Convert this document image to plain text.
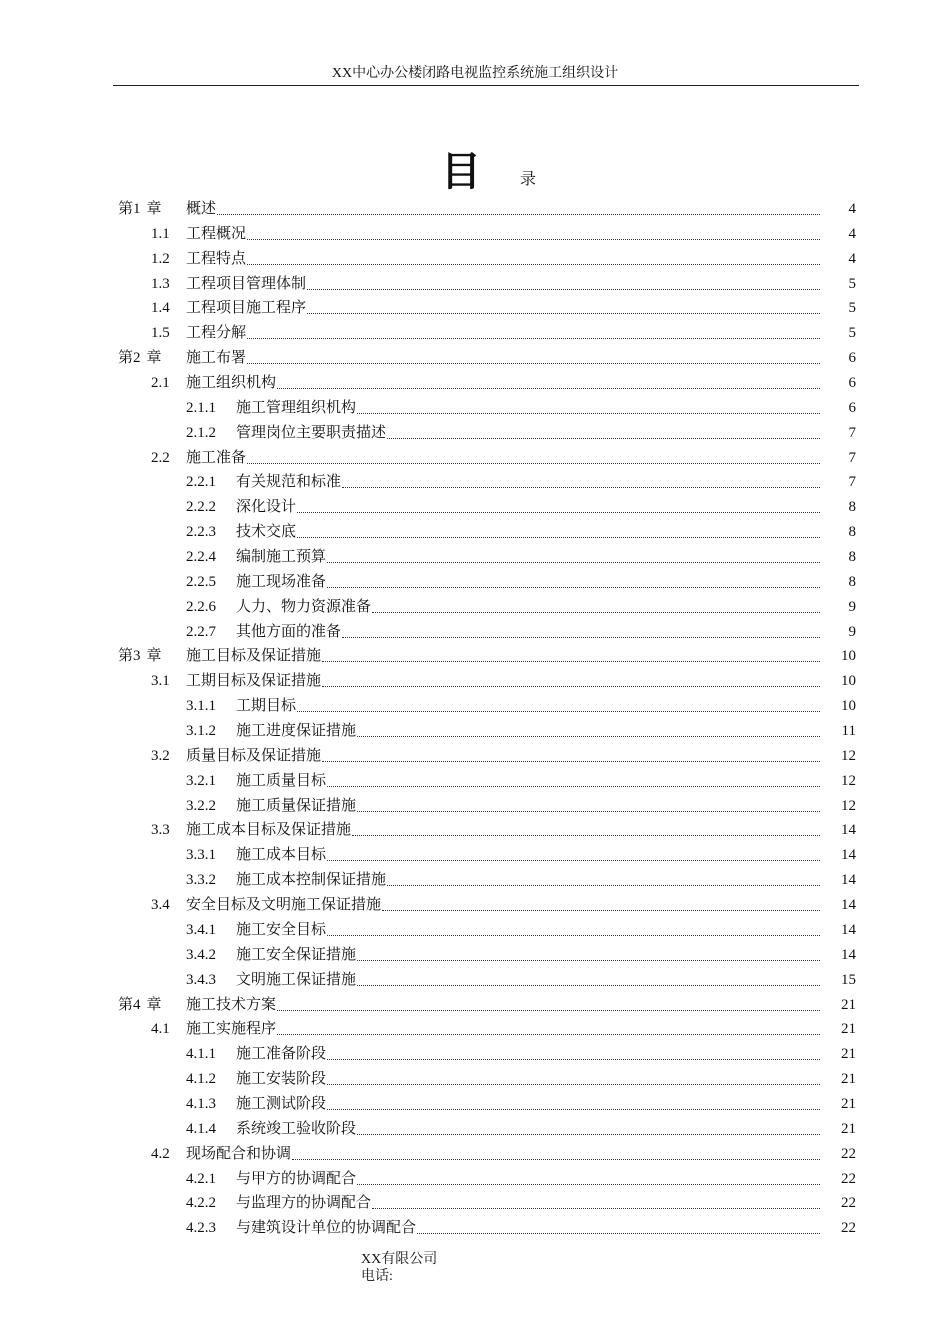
XX中心办公楼闭路电视监控系统施工组织设计
目 录
第1 章 概述	4
1.1 工程概况	4
1.2 工程特点	4
1.3 工程项目管理体制	5
1.4 工程项目施工程序	5
1.5 工程分解	5
第2 章 施工布署	6
2.1 施工组织机构	6
2.1.1 施工管理组织机构	6
2.1.2 管理岗位主要职责描述	7
2.2 施工准备	7
2.2.1 有关规范和标准	7
2.2.2 深化设计	8
2.2.3 技术交底	8
2.2.4 编制施工预算	8
2.2.5 施工现场准备	8
2.2.6 人力、物力资源准备	9
2.2.7 其他方面的准备	9
第3 章 施工目标及保证措施	10
3.1 工期目标及保证措施	10
3.1.1 工期目标	10
3.1.2 施工进度保证措施	11
3.2 质量目标及保证措施	12
3.2.1 施工质量目标	12
3.2.2 施工质量保证措施	12
3.3 施工成本目标及保证措施	14
3.3.1 施工成本目标	14
3.3.2 施工成本控制保证措施	14
3.4 安全目标及文明施工保证措施	14
3.4.1 施工安全目标	14
3.4.2 施工安全保证措施	14
3.4.3 文明施工保证措施	15
第4 章 施工技术方案	21
4.1 施工实施程序	21
4.1.1 施工准备阶段	21
4.1.2 施工安装阶段	21
4.1.3 施工测试阶段	21
4.1.4 系统竣工验收阶段	21
4.2 现场配合和协调	22
4.2.1 与甲方的协调配合	22
4.2.2 与监理方的协调配合	22
4.2.3 与建筑设计单位的协调配合	22
XX有限公司
电话:
